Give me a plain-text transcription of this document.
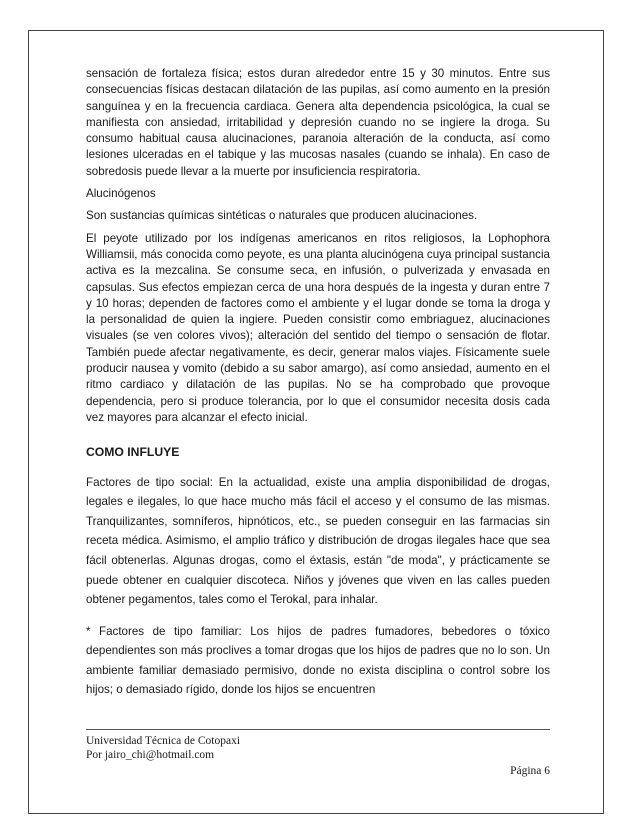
sensación de fortaleza física; estos duran alrededor entre 15 y 30 minutos. Entre sus consecuencias físicas destacan dilatación de las pupilas, así como aumento en la presión sanguínea y en la frecuencia cardiaca. Genera alta dependencia psicológica, la cual se manifiesta con ansiedad, irritabilidad y depresión cuando no se ingiere la droga. Su consumo habitual causa alucinaciones, paranoia alteración de la conducta, así como lesiones ulceradas en el tabique y las mucosas nasales (cuando se inhala). En caso de sobredosis puede llevar a la muerte por insuficiencia respiratoria.

Alucinógenos

Son sustancias químicas sintéticas o naturales que producen alucinaciones.

El peyote utilizado por los indígenas americanos en ritos religiosos, la Lophophora Williamsii, más conocida como peyote, es una planta alucinógena cuya principal sustancia activa es la mezcalina. Se consume seca, en infusión, o pulverizada y envasada en capsulas. Sus efectos empiezan cerca de una hora después de la ingesta y duran entre 7 y 10 horas; dependen de factores como el ambiente y el lugar donde se toma la droga y la personalidad de quien la ingiere. Pueden consistir como embriaguez, alucinaciones visuales (se ven colores vivos); alteración del sentido del tiempo o sensación de flotar. También puede afectar negativamente, es decir, generar malos viajes. Físicamente suele producir nausea y vomito (debido a su sabor amargo), así como ansiedad, aumento en el ritmo cardiaco y dilatación de las pupilas. No se ha comprobado que provoque dependencia, pero si produce tolerancia, por lo que el consumidor necesita dosis cada vez mayores para alcanzar el efecto inicial.

COMO INFLUYE

Factores de tipo social: En la actualidad, existe una amplia disponibilidad de drogas, legales e ilegales, lo que hace mucho más fácil el acceso y el consumo de las mismas. Tranquilizantes, somníferos, hipnóticos, etc., se pueden conseguir en las farmacias sin receta médica. Asimismo, el amplio tráfico y distribución de drogas ilegales hace que sea fácil obtenerlas. Algunas drogas, como el éxtasis, están "de moda", y prácticamente se puede obtener en cualquier discoteca. Niños y jóvenes que viven en las calles pueden obtener pegamentos, tales como el Terokal, para inhalar.

* Factores de tipo familiar: Los hijos de padres fumadores, bebedores o tóxico dependientes son más proclives a tomar drogas que los hijos de padres que no lo son. Un ambiente familiar demasiado permisivo, donde no exista disciplina o control sobre los hijos; o demasiado rígido, donde los hijos se encuentren

Universidad Técnica de Cotopaxi
Por jairo_chi@hotmail.com
Página 6
